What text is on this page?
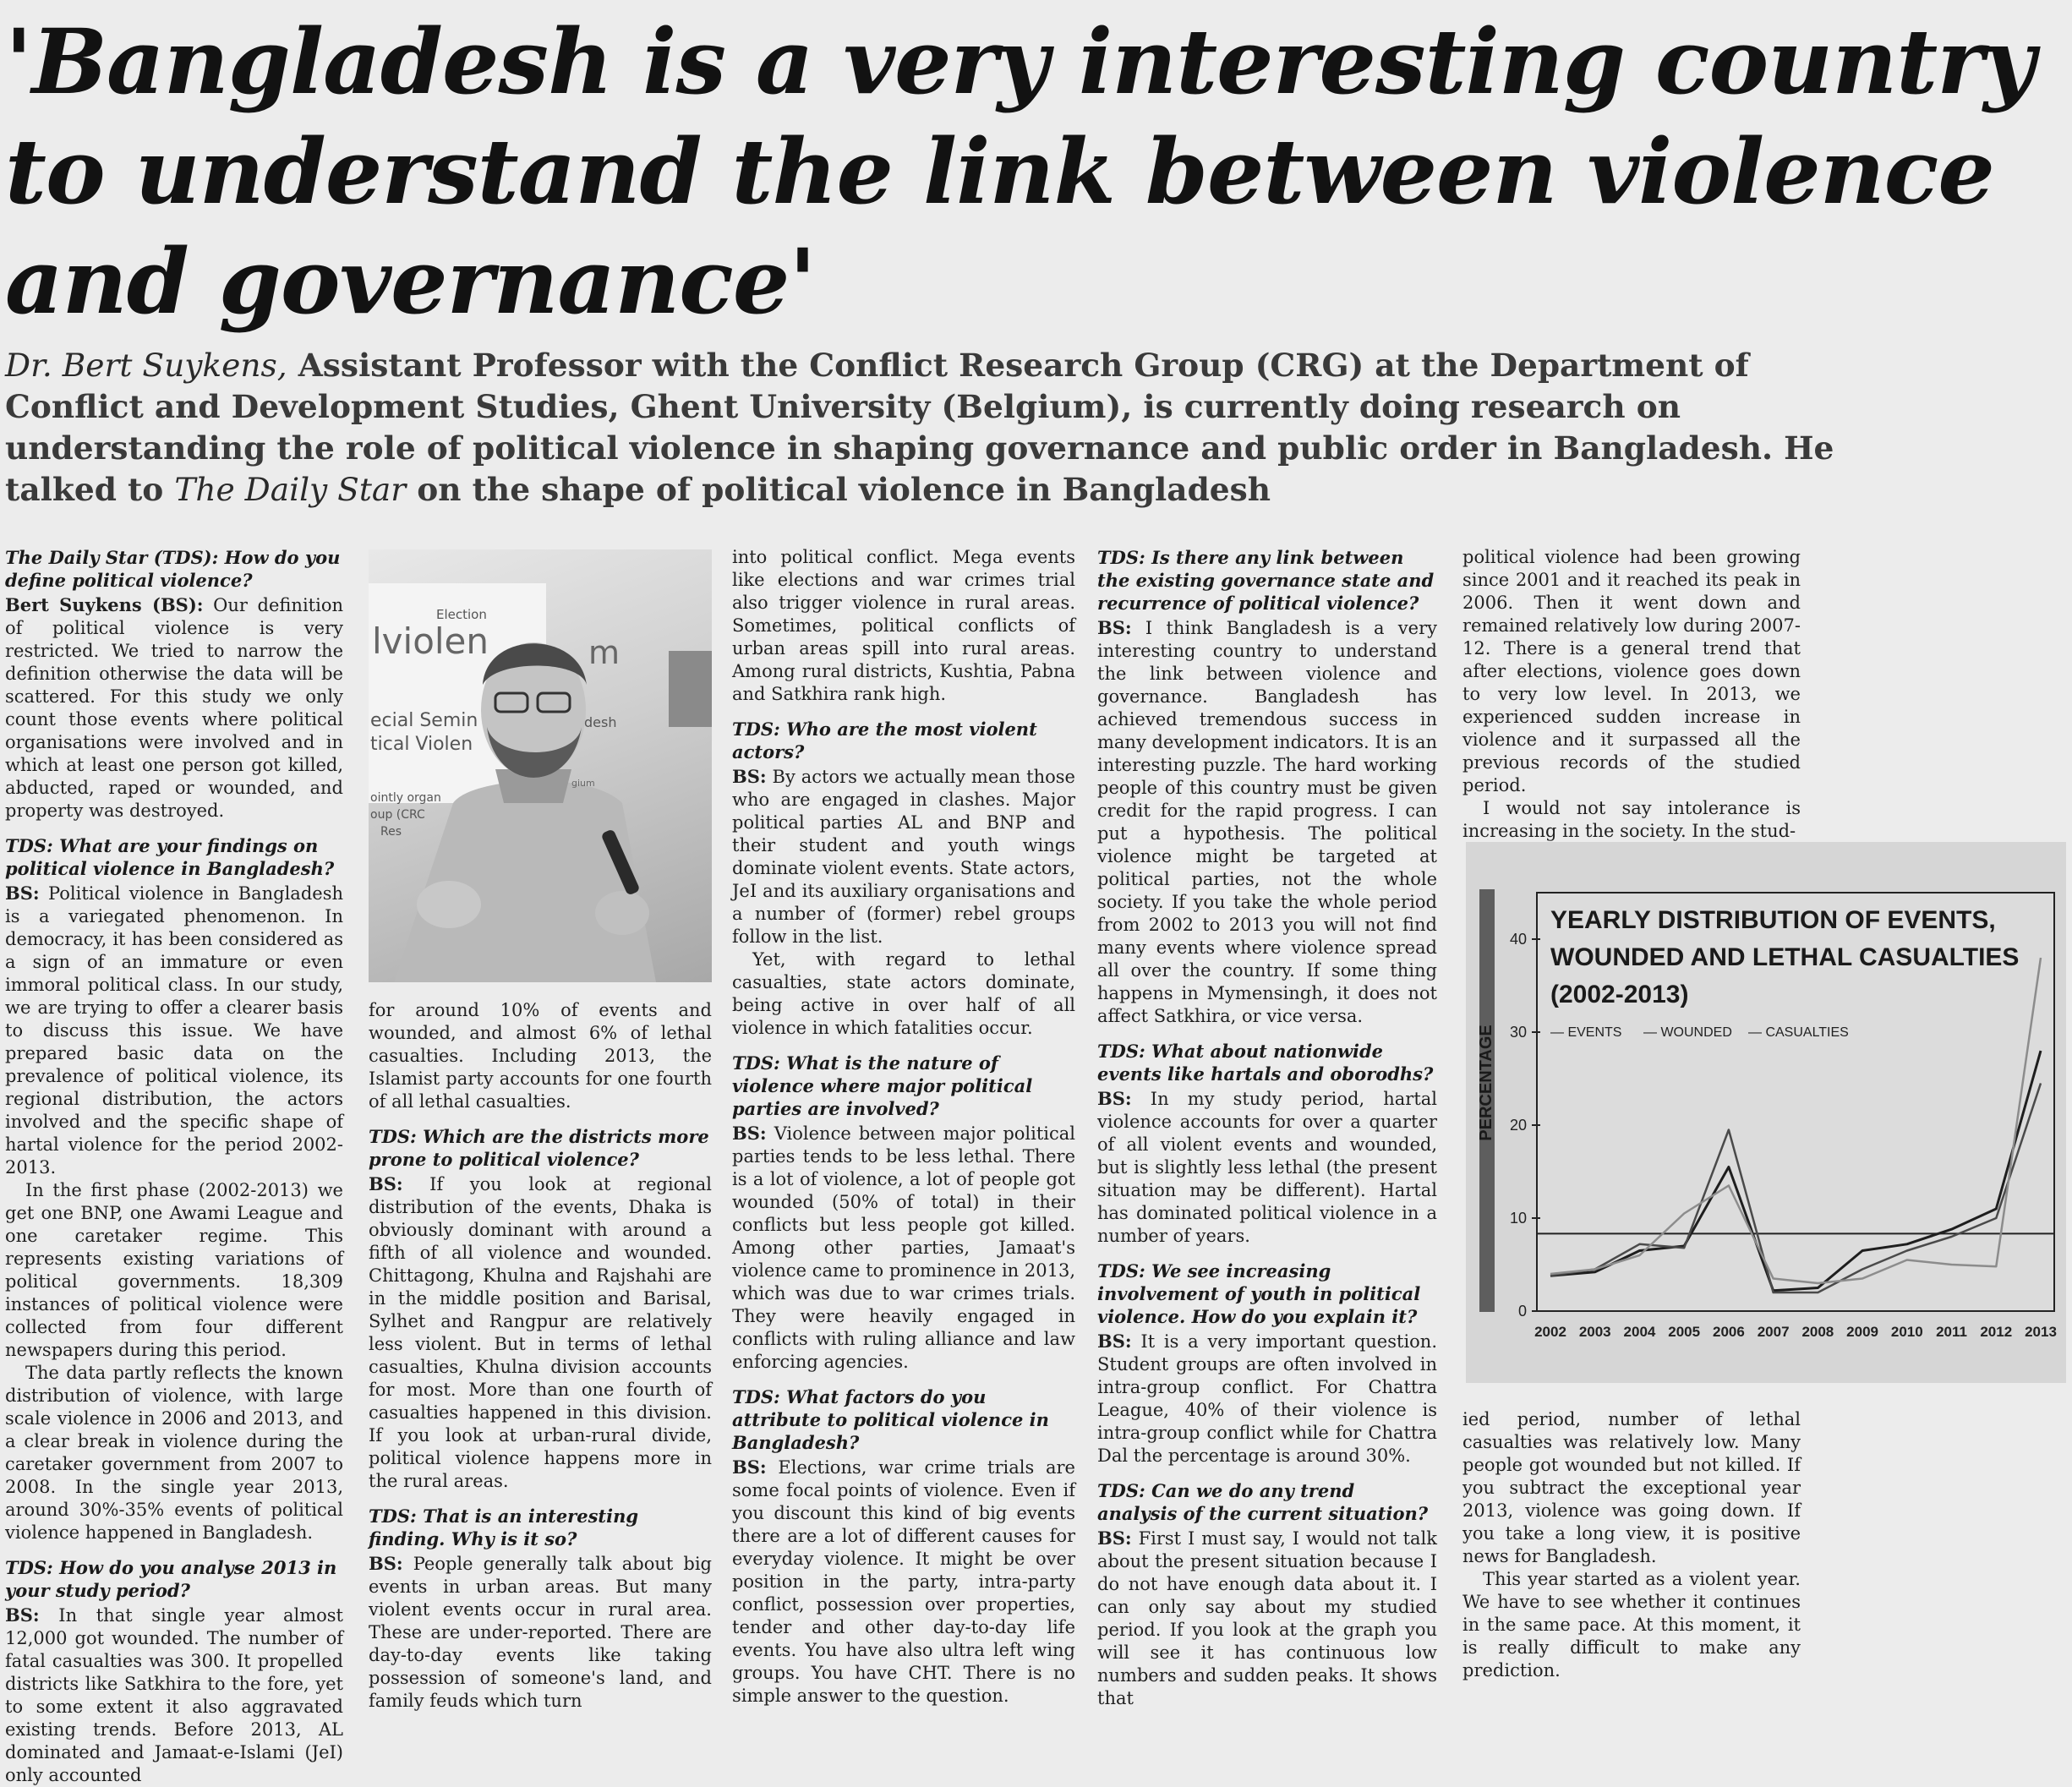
'Bangladesh is a very interesting country
to understand the link between violence
and governance'

Dr. Bert Suykens, Assistant Professor with the Conflict Research Group (CRG) at the Department of Conflict and Development Studies, Ghent University (Belgium), is currently doing research on understanding the role of political violence in shaping governance and public order in Bangladesh. He talked to The Daily Star on the shape of political violence in Bangladesh

The Daily Star (TDS): How do you define political violence?

Bert Suykens (BS): Our definition of political violence is very restricted. We tried to narrow the definition otherwise the data will be scattered. For this study we only count those events where political organisations were involved and in which at least one person got killed, abducted, raped or wounded, and property was destroyed.

TDS: What are your findings on political violence in Bangladesh?

BS: Political violence in Bangladesh is a variegated phenomenon. In democracy, it has been considered as a sign of an immature or even immoral political class. In our study, we are trying to offer a clearer basis to discuss this issue. We have prepared basic data on the prevalence of political violence, its regional distribution, the actors involved and the specific shape of hartal violence for the period 2002-2013.

In the first phase (2002-2013) we get one BNP, one Awami League and one caretaker regime. This represents existing variations of political governments. 18,309 instances of political violence were collected from four different newspapers during this period.

The data partly reflects the known distribution of violence, with large scale violence in 2006 and 2013, and a clear break in violence during the caretaker government from 2007 to 2008. In the single year 2013, around 30%-35% events of political violence happened in Bangladesh.

TDS: How do you analyse 2013 in your study period?

BS: In that single year almost 12,000 got wounded. The number of fatal casualties was 300. It propelled districts like Satkhira to the fore, yet to some extent it also aggravated existing trends. Before 2013, AL dominated and Jamaat-e-Islami (JeI) only accounted

Election
lviolen
ecial Semin
tical Violen
ointly organ
oup (CRC
Res
m
desh
gium

for around 10% of events and wounded, and almost 6% of lethal casualties. Including 2013, the Islamist party accounts for one fourth of all lethal casualties.

TDS: Which are the districts more prone to political violence?

BS: If you look at regional distribution of the events, Dhaka is obviously dominant with around a fifth of all violence and wounded. Chittagong, Khulna and Rajshahi are in the middle position and Barisal, Sylhet and Rangpur are relatively less violent. But in terms of lethal casualties, Khulna division accounts for most. More than one fourth of casualties happened in this division. If you look at urban-rural divide, political violence happens more in the rural areas.

TDS: That is an interesting finding. Why is it so?

BS: People generally talk about big events in urban areas. But many violent events occur in rural area. These are under-reported. There are day-to-day events like taking possession of someone's land, and family feuds which turn

into political conflict. Mega events like elections and war crimes trial also trigger violence in rural areas. Sometimes, political conflicts of urban areas spill into rural areas. Among rural districts, Kushtia, Pabna and Satkhira rank high.

TDS: Who are the most violent actors?

BS: By actors we actually mean those who are engaged in clashes. Major political parties AL and BNP and their student and youth wings dominate violent events. State actors, JeI and its auxiliary organisations and a number of (former) rebel groups follow in the list.

Yet, with regard to lethal casualties, state actors dominate, being active in over half of all violence in which fatalities occur.

TDS: What is the nature of violence where major political parties are involved?

BS: Violence between major political parties tends to be less lethal. There is a lot of violence, a lot of people got wounded (50% of total) in their conflicts but less people got killed. Among other parties, Jamaat's violence came to prominence in 2013, which was due to war crimes trials. They were heavily engaged in conflicts with ruling alliance and law enforcing agencies.

TDS: What factors do you attribute to political violence in Bangladesh?

BS: Elections, war crime trials are some focal points of violence. Even if you discount this kind of big events there are a lot of different causes for everyday violence. It might be over position in the party, intra-party conflict, possession over properties, tender and other day-to-day life events. You have also ultra left wing groups. You have CHT. There is no simple answer to the question.

TDS: Is there any link between the existing governance state and recurrence of political violence?

BS: I think Bangladesh is a very interesting country to understand the link between violence and governance. Bangladesh has achieved tremendous success in many development indicators. It is an interesting puzzle. The hard working people of this country must be given credit for the rapid progress. I can put a hypothesis. The political violence might be targeted at political parties, not the whole society. If you take the whole period from 2002 to 2013 you will not find many events where violence spread all over the country. If some thing happens in Mymensingh, it does not affect Satkhira, or vice versa.

TDS: What about nationwide events like hartals and oborodhs?

BS: In my study period, hartal violence accounts for over a quarter of all violent events and wounded, but is slightly less lethal (the present situation may be different). Hartal has dominated political violence in a number of years.

TDS: We see increasing involvement of youth in political violence. How do you explain it?

BS: It is a very important question. Student groups are often involved in intra-group conflict. For Chattra League, 40% of their violence is intra-group conflict while for Chattra Dal the percentage is around 30%.

TDS: Can we do any trend analysis of the current situation?

BS: First I must say, I would not talk about the present situation because I do not have enough data about it. I can only say about my studied period. If you look at the graph you will see it has continuous low numbers and sudden peaks. It shows that

political violence had been growing since 2001 and it reached its peak in 2006. Then it went down and remained relatively low during 2007-12. There is a general trend that after elections, violence goes down to very low level. In 2013, we experienced sudden increase in violence and it surpassed all the previous records of the studied period.

I would not say intolerance is increasing in the society. In the stud-

PERCENTAGE
YEARLY DISTRIBUTION OF EVENTS,
WOUNDED AND LETHAL CASUALTIES
(2002-2013)
— EVENTS — WOUNDED — CASUALTIES
0
10
20
30
40
2002 2003 2004 2005 2006 2007 2008 2009 2010 2011 2012 2013

ied period, number of lethal casualties was relatively low. Many people got wounded but not killed. If you subtract the exceptional year 2013, violence was going down. If you take a long view, it is positive news for Bangladesh.

This year started as a violent year. We have to see whether it continues in the same pace. At this moment, it is really difficult to make any prediction.
